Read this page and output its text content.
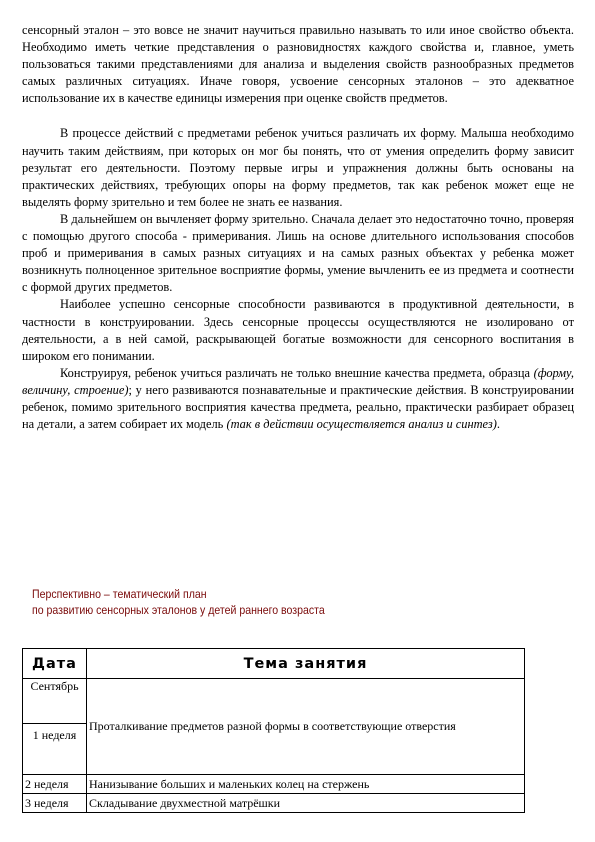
сенсорный эталон – это вовсе не значит научиться правильно называть то или иное свойство объекта. Необходимо иметь четкие представления о разновидностях каждого свойства и, главное, уметь пользоваться такими представлениями для анализа и выделения свойств разнообразных предметов самых различных ситуациях. Иначе говоря, усвоение сенсорных эталонов – это адекватное использование их в качестве единицы измерения при оценке свойств предметов.

В процессе действий с предметами ребенок учиться различать их форму. Малыша необходимо научить таким действиям, при которых он мог бы понять, что от умения определить форму зависит результат его деятельности. Поэтому первые игры и упражнения должны быть основаны на практических действиях, требующих опоры на форму предметов, так как ребенок может еще не выделять форму зрительно и тем более не знать ее названия.

В дальнейшем он вычленяет форму зрительно. Сначала делает это недостаточно точно, проверяя с помощью другого способа - примеривания. Лишь на основе длительного использования способов проб и примеривания в самых разных ситуациях и на самых разных объектах у ребенка может возникнуть полноценное зрительное восприятие формы, умение вычленить ее из предмета и соотнести с формой других предметов.

Наиболее успешно сенсорные способности развиваются в продуктивной деятельности, в частности в конструировании. Здесь сенсорные процессы осуществляются не изолировано от деятельности, а в ней самой, раскрывающей богатые возможности для сенсорного воспитания в широком его понимании.

Конструируя, ребенок учиться различать не только внешние качества предмета, образца (форму, величину, строение); у него развиваются познавательные и практические действия. В конструировании ребенок, помимо зрительного восприятия качества предмета, реально, практически разбирает образец на детали, а затем собирает их модель (так в действии осуществляется анализ и синтез).

Перспективно – тематический план
по развитию сенсорных эталонов у детей раннего возраста
Дата	Тема занятия

Сентябрь
1 неделя	Проталкивание предметов разной формы в соответствующие отверстия
2 неделя	Нанизывание больших и маленьких колец на стержень
3 неделя	Складывание двухместной матрёшки
